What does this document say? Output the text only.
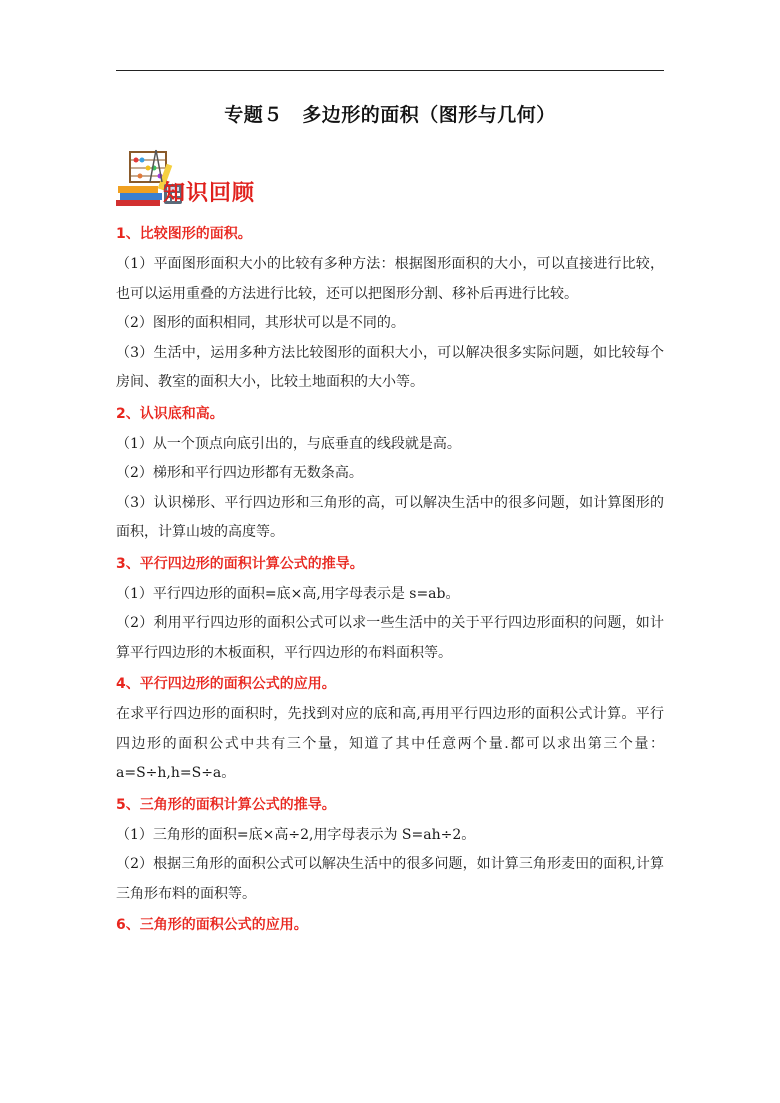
专题５　多边形的面积（图形与几何）
知识回顾
1、比较图形的面积。

（1）平面图形面积大小的比较有多种方法：根据图形面积的大小，可以直接进行比较，也可以运用重叠的方法进行比较，还可以把图形分割、移补后再进行比较。

（2）图形的面积相同，其形状可以是不同的。

（3）生活中，运用多种方法比较图形的面积大小，可以解决很多实际问题，如比较每个房间、教室的面积大小，比较土地面积的大小等。

2、认识底和高。

（1）从一个顶点向底引出的，与底垂直的线段就是高。

（2）梯形和平行四边形都有无数条高。

（3）认识梯形、平行四边形和三角形的高，可以解决生活中的很多问题，如计算图形的面积，计算山坡的高度等。

3、平行四边形的面积计算公式的推导。

（1）平行四边形的面积=底×高,用字母表示是 s=ab。

（2）利用平行四边形的面积公式可以求一些生活中的关于平行四边形面积的问题，如计算平行四边形的木板面积，平行四边形的布料面积等。

4、平行四边形的面积公式的应用。

在求平行四边形的面积时，先找到对应的底和高,再用平行四边形的面积公式计算。平行四边形的面积公式中共有三个量，知道了其中任意两个量.都可以求出第三个量：a=S÷h,h=S÷a。

5、三角形的面积计算公式的推导。

（1）三角形的面积=底×高÷2,用字母表示为 S=ah÷2。

（2）根据三角形的面积公式可以解决生活中的很多问题，如计算三角形麦田的面积,计算三角形布料的面积等。

6、三角形的面积公式的应用。
